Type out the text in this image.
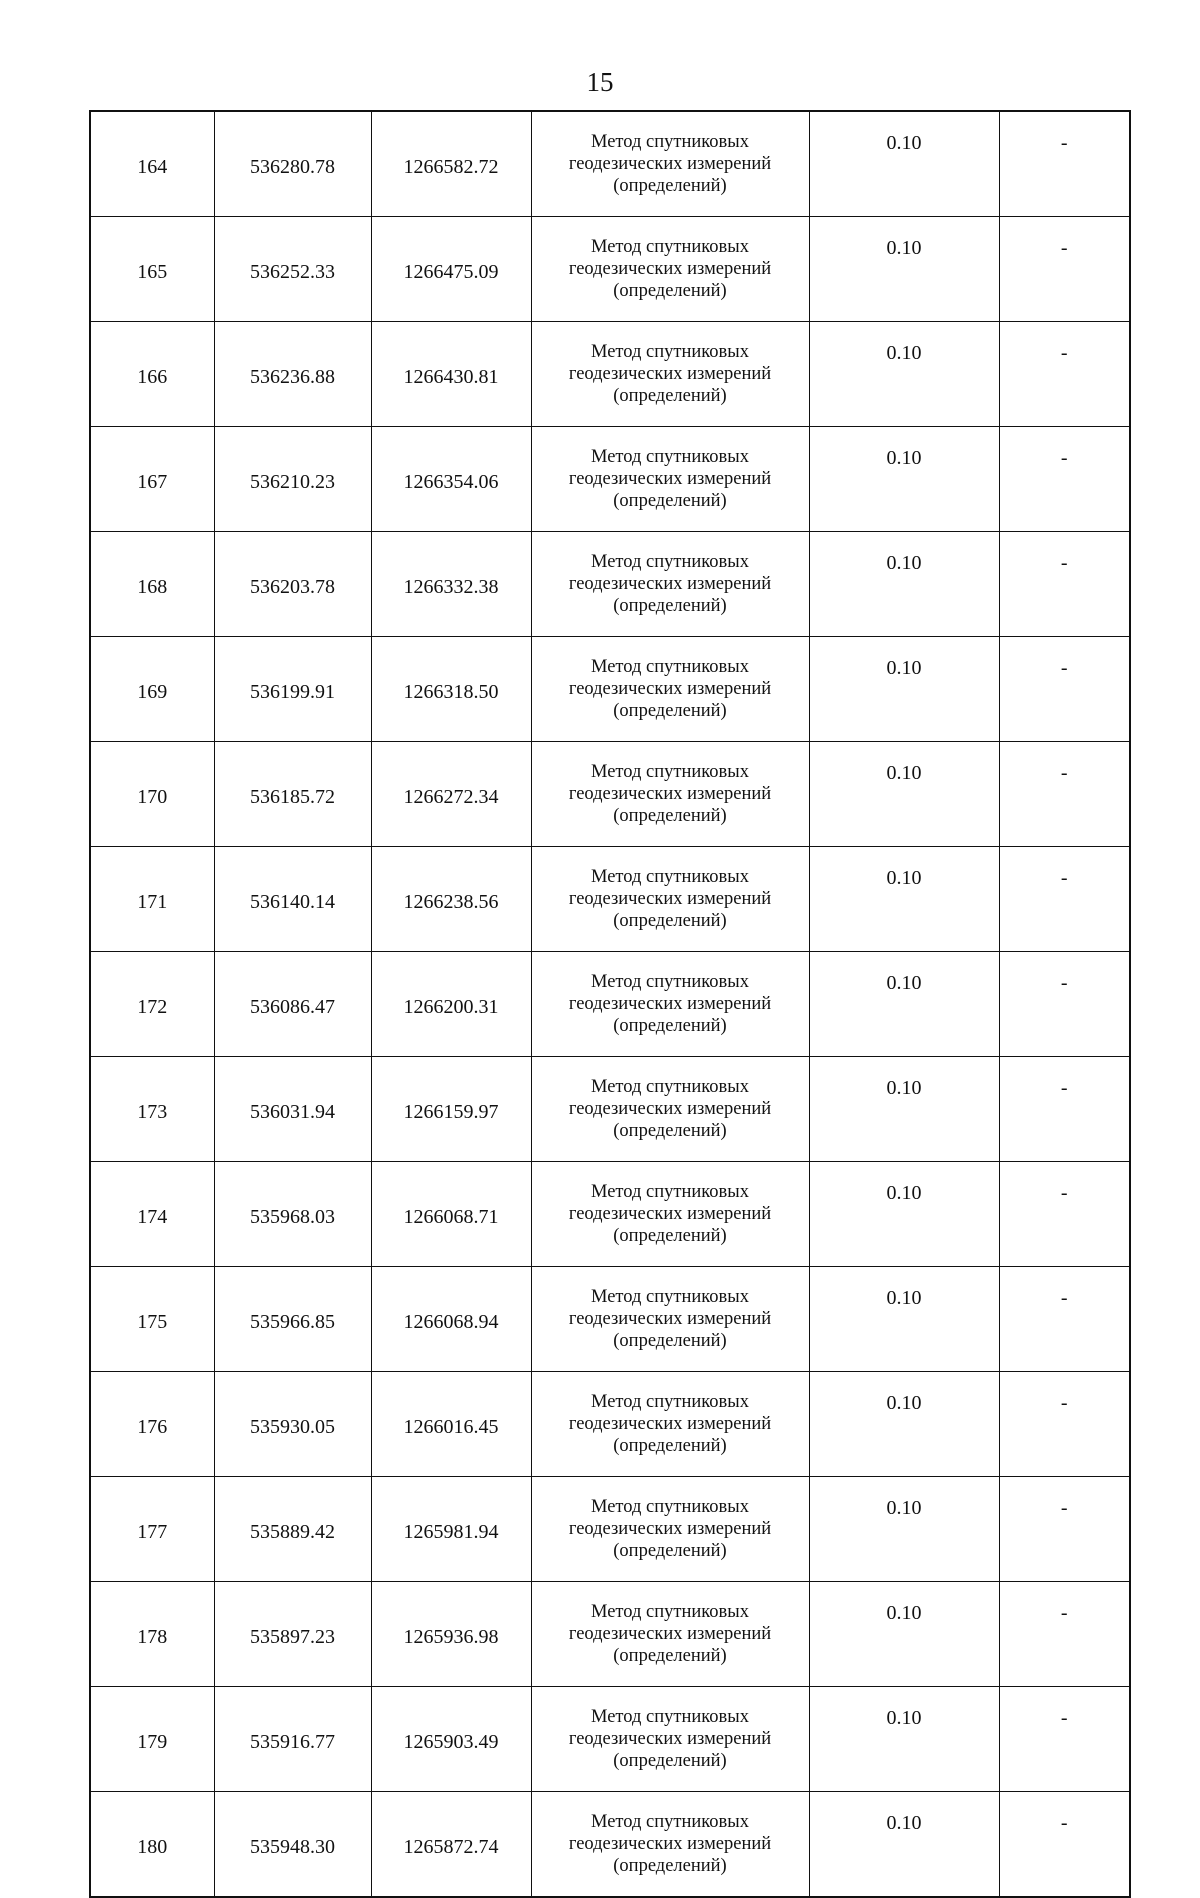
15
164	536280.78	1266582.72	Метод спутниковых
геодезических измерений
(определений)	0.10	-
165	536252.33	1266475.09	Метод спутниковых
геодезических измерений
(определений)	0.10	-
166	536236.88	1266430.81	Метод спутниковых
геодезических измерений
(определений)	0.10	-
167	536210.23	1266354.06	Метод спутниковых
геодезических измерений
(определений)	0.10	-
168	536203.78	1266332.38	Метод спутниковых
геодезических измерений
(определений)	0.10	-
169	536199.91	1266318.50	Метод спутниковых
геодезических измерений
(определений)	0.10	-
170	536185.72	1266272.34	Метод спутниковых
геодезических измерений
(определений)	0.10	-
171	536140.14	1266238.56	Метод спутниковых
геодезических измерений
(определений)	0.10	-
172	536086.47	1266200.31	Метод спутниковых
геодезических измерений
(определений)	0.10	-
173	536031.94	1266159.97	Метод спутниковых
геодезических измерений
(определений)	0.10	-
174	535968.03	1266068.71	Метод спутниковых
геодезических измерений
(определений)	0.10	-
175	535966.85	1266068.94	Метод спутниковых
геодезических измерений
(определений)	0.10	-
176	535930.05	1266016.45	Метод спутниковых
геодезических измерений
(определений)	0.10	-
177	535889.42	1265981.94	Метод спутниковых
геодезических измерений
(определений)	0.10	-
178	535897.23	1265936.98	Метод спутниковых
геодезических измерений
(определений)	0.10	-
179	535916.77	1265903.49	Метод спутниковых
геодезических измерений
(определений)	0.10	-
180	535948.30	1265872.74	Метод спутниковых
геодезических измерений
(определений)	0.10	-
